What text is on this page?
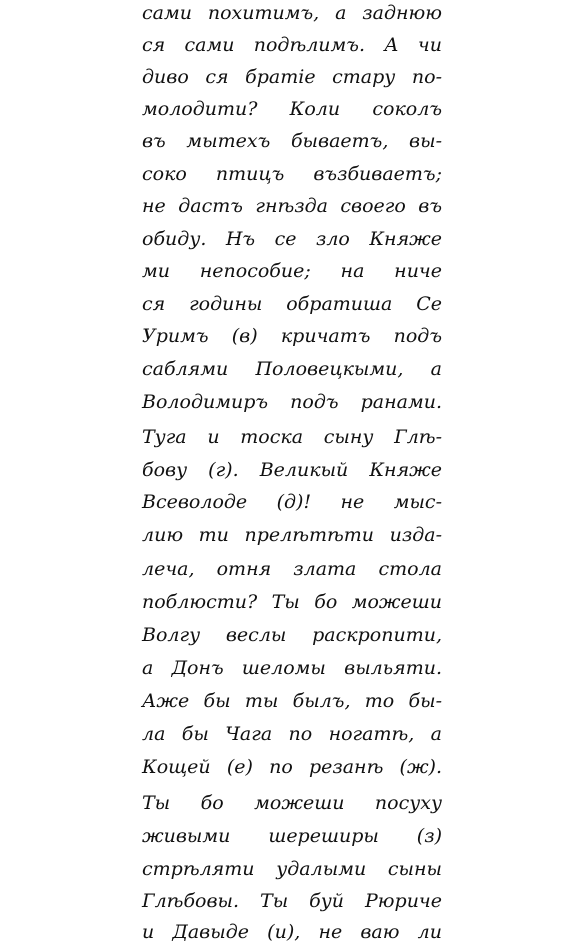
сами похитимъ, а заднюю
ся сами подѣлимъ. А чи
диво ся братie стару по-
молодити? Коли соколъ
въ мытехъ бываетъ, вы-
соко птицъ възбиваетъ;
не дастъ гнѣзда своего въ
обиду. Нъ се зло Княже
ми непособие; на ниче
ся годины обратиша Се
Уримъ (в) кричатъ подъ
саблями Половецкыми, а
Володимиръ подъ ранами.
Туга и тоска сыну Глѣ-
бову (г). Великый Княже
Всеволоде (д)! не мыс-
лию ти прелѣтѣти изда-
леча, отня злата стола
поблюсти? Ты бо можеши
Волгу веслы раскропити,
а Донъ шеломы выльяти.
Аже бы ты былъ, то бы-
ла бы Чага по ногатѣ, а
Кощей (е) по резанѣ (ж).
Ты бо можеши посуху
живыми шереширы (з)
стрѣляти удалыми сыны
Глѣбовы. Ты буй Рюриче
и Давыде (и), не ваю ли
